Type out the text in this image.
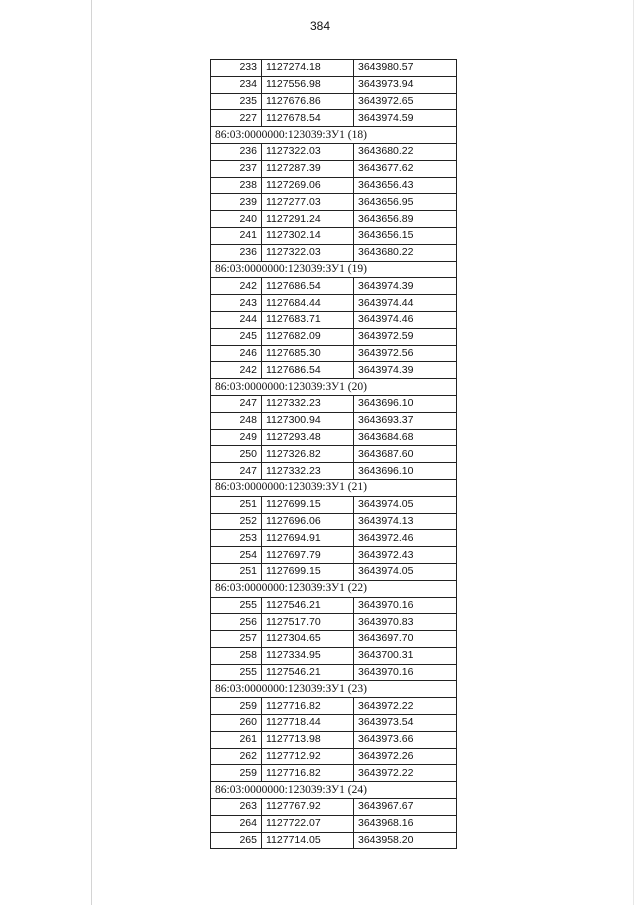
384
233	1127274.18	3643980.57
234	1127556.98	3643973.94
235	1127676.86	3643972.65
227	1127678.54	3643974.59
86:03:0000000:123039:ЗУ1 (18)		
236	1127322.03	3643680.22
237	1127287.39	3643677.62
238	1127269.06	3643656.43
239	1127277.03	3643656.95
240	1127291.24	3643656.89
241	1127302.14	3643656.15
236	1127322.03	3643680.22
86:03:0000000:123039:ЗУ1 (19)		
242	1127686.54	3643974.39
243	1127684.44	3643974.44
244	1127683.71	3643974.46
245	1127682.09	3643972.59
246	1127685.30	3643972.56
242	1127686.54	3643974.39
86:03:0000000:123039:ЗУ1 (20)		
247	1127332.23	3643696.10
248	1127300.94	3643693.37
249	1127293.48	3643684.68
250	1127326.82	3643687.60
247	1127332.23	3643696.10
86:03:0000000:123039:ЗУ1 (21)		
251	1127699.15	3643974.05
252	1127696.06	3643974.13
253	1127694.91	3643972.46
254	1127697.79	3643972.43
251	1127699.15	3643974.05
86:03:0000000:123039:ЗУ1 (22)		
255	1127546.21	3643970.16
256	1127517.70	3643970.83
257	1127304.65	3643697.70
258	1127334.95	3643700.31
255	1127546.21	3643970.16
86:03:0000000:123039:ЗУ1 (23)		
259	1127716.82	3643972.22
260	1127718.44	3643973.54
261	1127713.98	3643973.66
262	1127712.92	3643972.26
259	1127716.82	3643972.22
86:03:0000000:123039:ЗУ1 (24)		
263	1127767.92	3643967.67
264	1127722.07	3643968.16
265	1127714.05	3643958.20
